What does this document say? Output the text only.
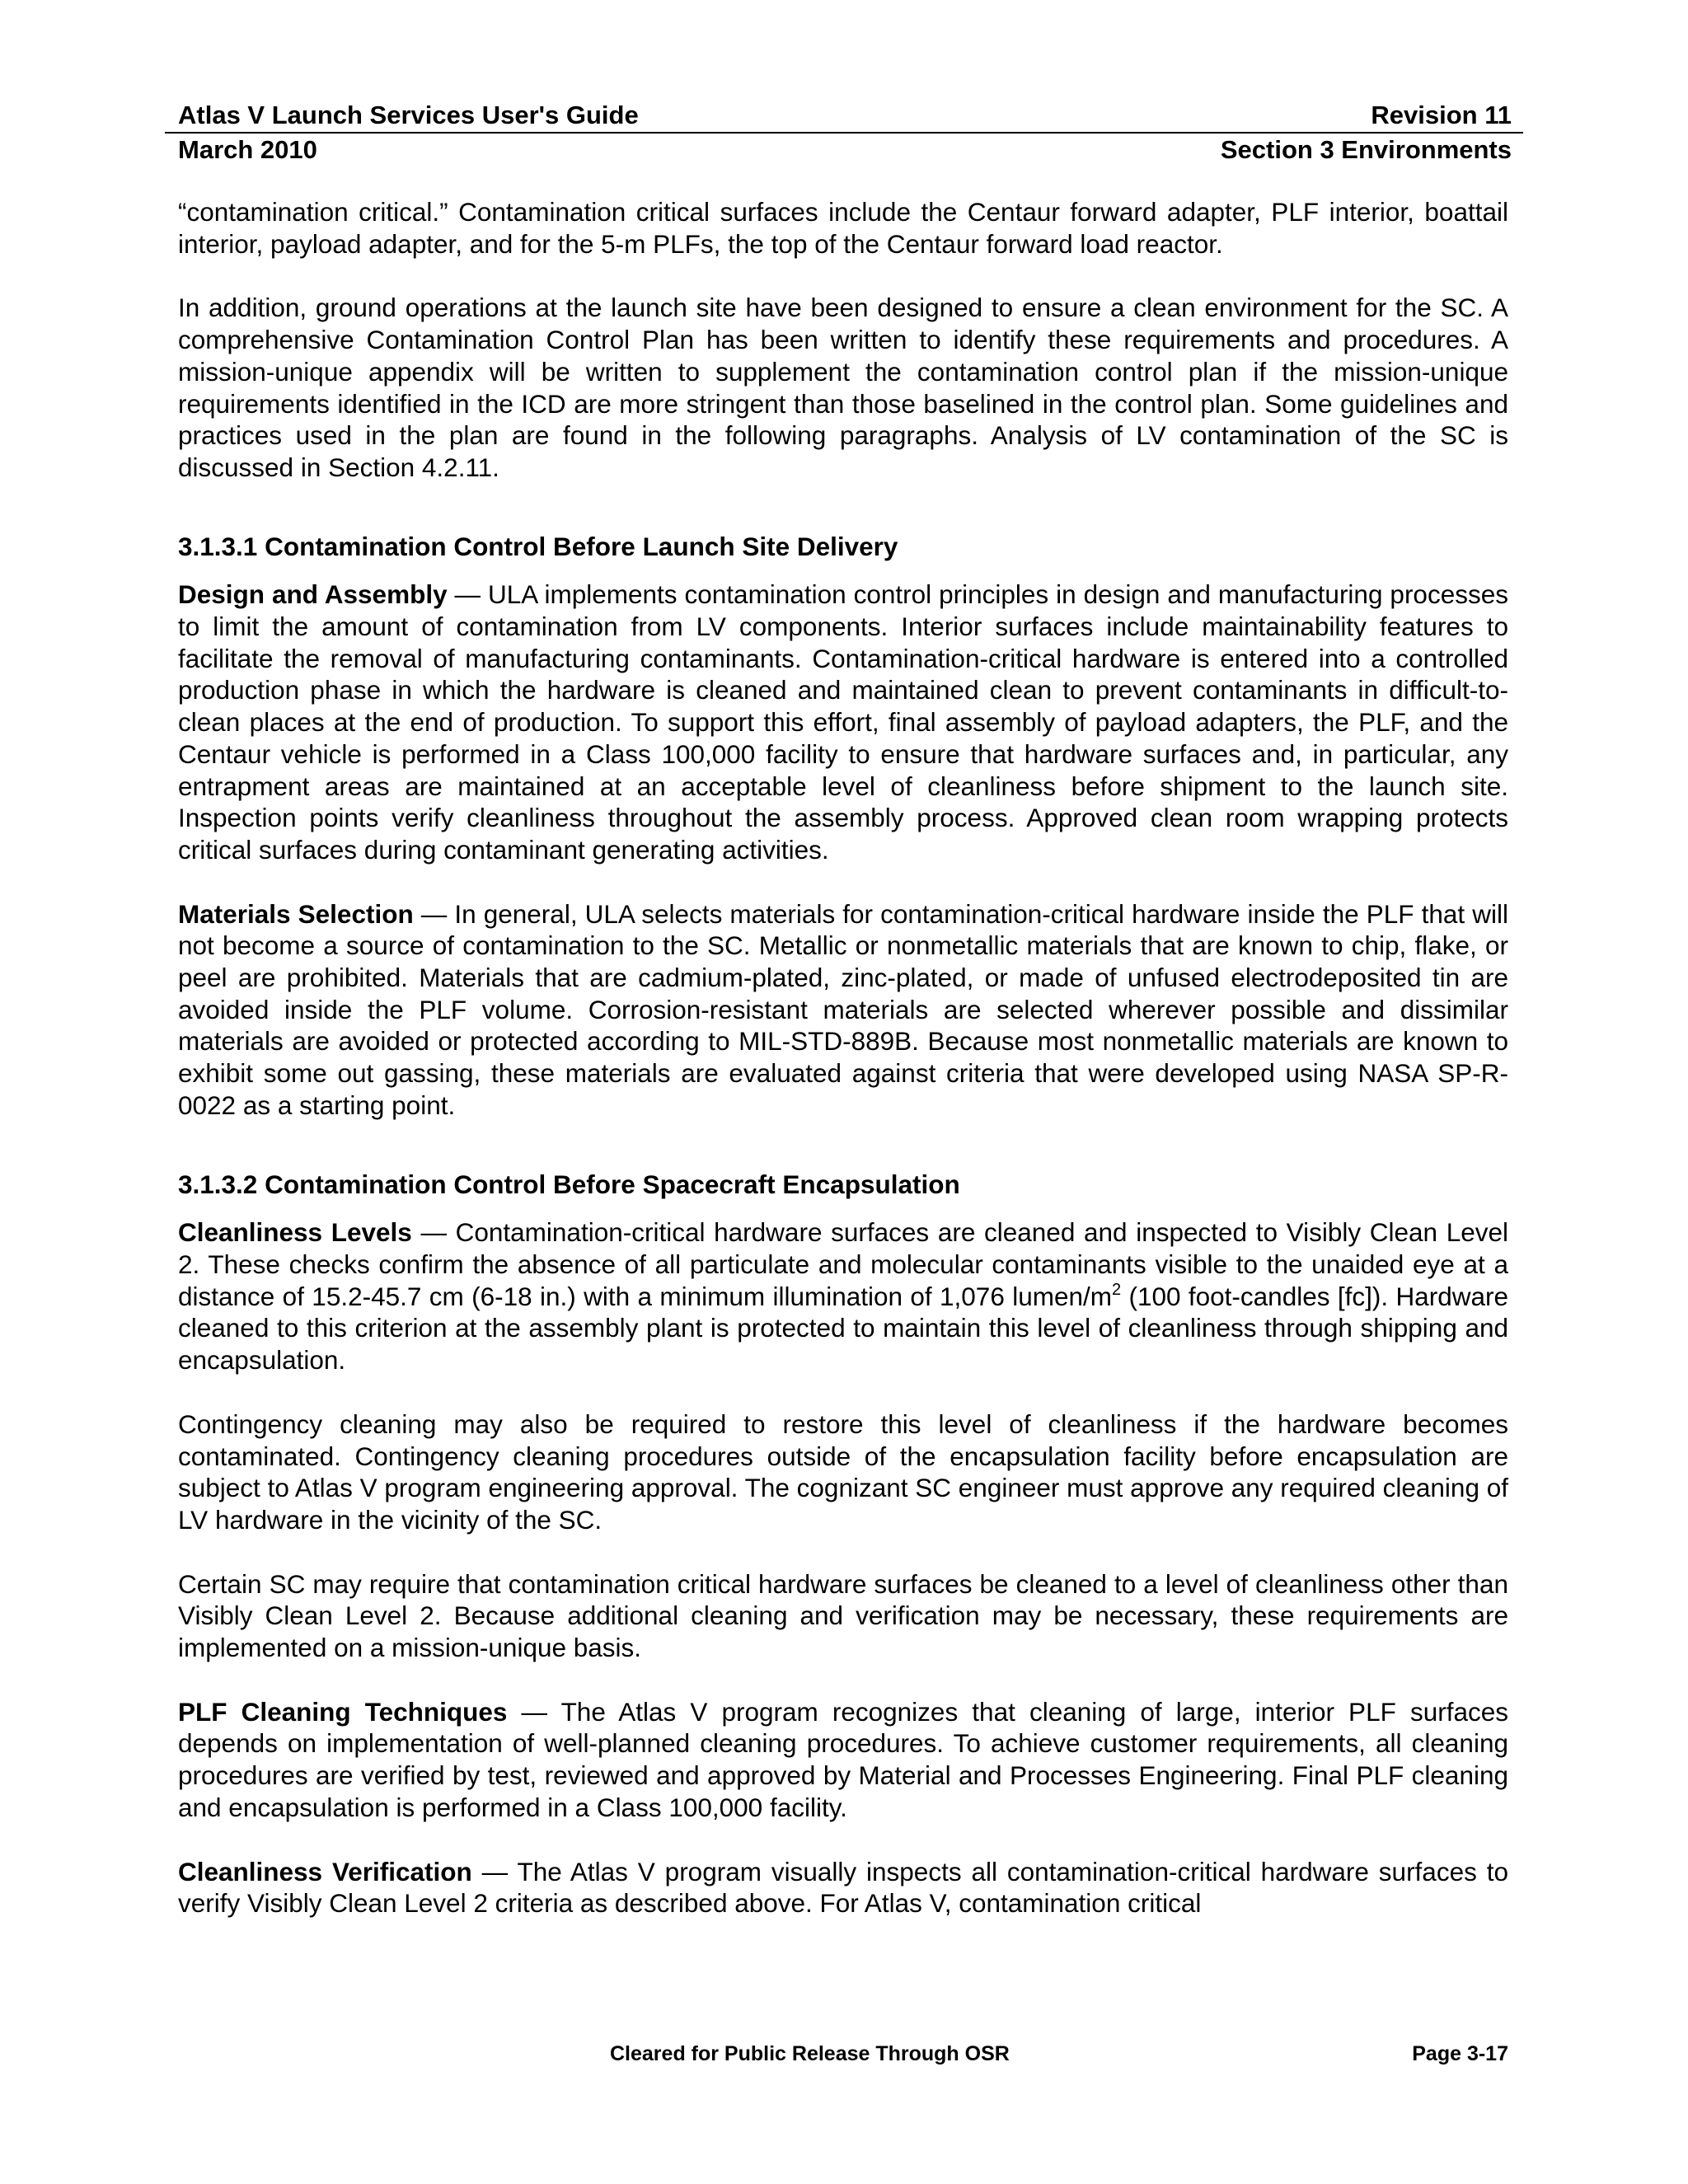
Atlas V Launch Services User's Guide	Revision 11
March 2010	Section 3 Environments

“contamination critical.” Contamination critical surfaces include the Centaur forward adapter, PLF interior, boattail interior, payload adapter, and for the 5-m PLFs, the top of the Centaur forward load reactor.

In addition, ground operations at the launch site have been designed to ensure a clean environment for the SC. A comprehensive Contamination Control Plan has been written to identify these requirements and procedures. A mission-unique appendix will be written to supplement the contamination control plan if the mission-unique requirements identified in the ICD are more stringent than those baselined in the control plan. Some guidelines and practices used in the plan are found in the following paragraphs. Analysis of LV contamination of the SC is discussed in Section 4.2.11.

3.1.3.1 Contamination Control Before Launch Site Delivery

Design and Assembly — ULA implements contamination control principles in design and manufacturing processes to limit the amount of contamination from LV components. Interior surfaces include maintainability features to facilitate the removal of manufacturing contaminants. Contamination-critical hardware is entered into a controlled production phase in which the hardware is cleaned and maintained clean to prevent contaminants in difficult-to-clean places at the end of production. To support this effort, final assembly of payload adapters, the PLF, and the Centaur vehicle is performed in a Class 100,000 facility to ensure that hardware surfaces and, in particular, any entrapment areas are maintained at an acceptable level of cleanliness before shipment to the launch site. Inspection points verify cleanliness throughout the assembly process. Approved clean room wrapping protects critical surfaces during contaminant generating activities.

Materials Selection — In general, ULA selects materials for contamination-critical hardware inside the PLF that will not become a source of contamination to the SC. Metallic or nonmetallic materials that are known to chip, flake, or peel are prohibited. Materials that are cadmium-plated, zinc-plated, or made of unfused electrodeposited tin are avoided inside the PLF volume. Corrosion-resistant materials are selected wherever possible and dissimilar materials are avoided or protected according to MIL-STD-889B. Because most nonmetallic materials are known to exhibit some out gassing, these materials are evaluated against criteria that were developed using NASA SP-R-0022 as a starting point.

3.1.3.2 Contamination Control Before Spacecraft Encapsulation

Cleanliness Levels — Contamination-critical hardware surfaces are cleaned and inspected to Visibly Clean Level 2. These checks confirm the absence of all particulate and molecular contaminants visible to the unaided eye at a distance of 15.2-45.7 cm (6-18 in.) with a minimum illumination of 1,076 lumen/$m^2$ (100 foot-candles [fc]). Hardware cleaned to this criterion at the assembly plant is protected to maintain this level of cleanliness through shipping and encapsulation.

Contingency cleaning may also be required to restore this level of cleanliness if the hardware becomes contaminated. Contingency cleaning procedures outside of the encapsulation facility before encapsulation are subject to Atlas V program engineering approval. The cognizant SC engineer must approve any required cleaning of LV hardware in the vicinity of the SC.

Certain SC may require that contamination critical hardware surfaces be cleaned to a level of cleanliness other than Visibly Clean Level 2. Because additional cleaning and verification may be necessary, these requirements are implemented on a mission-unique basis.

PLF Cleaning Techniques — The Atlas V program recognizes that cleaning of large, interior PLF surfaces depends on implementation of well-planned cleaning procedures. To achieve customer requirements, all cleaning procedures are verified by test, reviewed and approved by Material and Processes Engineering. Final PLF cleaning and encapsulation is performed in a Class 100,000 facility.

Cleanliness Verification — The Atlas V program visually inspects all contamination-critical hardware surfaces to verify Visibly Clean Level 2 criteria as described above. For Atlas V, contamination critical

Cleared for Public Release Through OSR	Page 3-17
